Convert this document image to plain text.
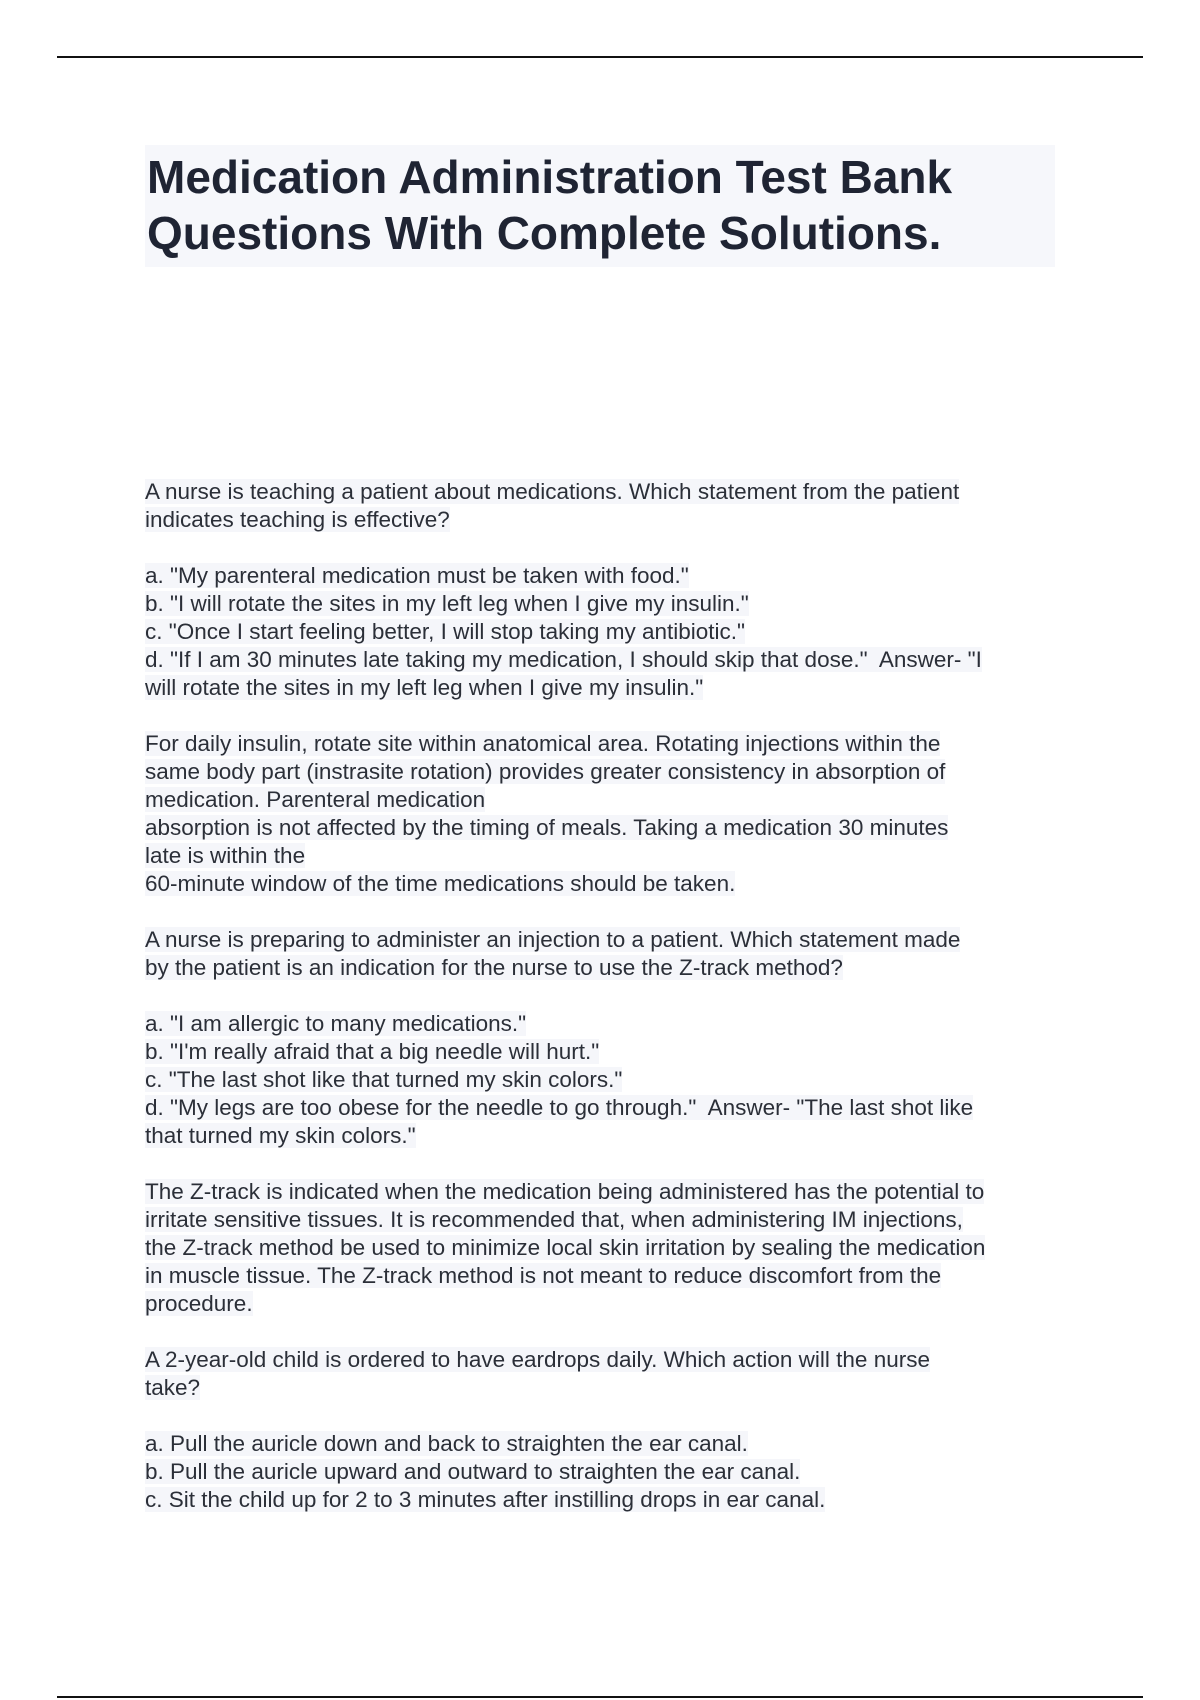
Medication Administration Test Bank
Questions With Complete Solutions.
A nurse is teaching a patient about medications. Which statement from the patient
indicates teaching is effective?
a. "My parenteral medication must be taken with food."
b. "I will rotate the sites in my left leg when I give my insulin."
c. "Once I start feeling better, I will stop taking my antibiotic."
d. "If I am 30 minutes late taking my medication, I should skip that dose."  Answer- "I
will rotate the sites in my left leg when I give my insulin."
For daily insulin, rotate site within anatomical area. Rotating injections within the
same body part (instrasite rotation) provides greater consistency in absorption of
medication. Parenteral medication
absorption is not affected by the timing of meals. Taking a medication 30 minutes
late is within the
60-minute window of the time medications should be taken.
A nurse is preparing to administer an injection to a patient. Which statement made
by the patient is an indication for the nurse to use the Z-track method?
a. "I am allergic to many medications."
b. "I'm really afraid that a big needle will hurt."
c. "The last shot like that turned my skin colors."
d. "My legs are too obese for the needle to go through."  Answer- "The last shot like
that turned my skin colors."
The Z-track is indicated when the medication being administered has the potential to
irritate sensitive tissues. It is recommended that, when administering IM injections,
the Z-track method be used to minimize local skin irritation by sealing the medication
in muscle tissue. The Z-track method is not meant to reduce discomfort from the
procedure.
A 2-year-old child is ordered to have eardrops daily. Which action will the nurse
take?
a. Pull the auricle down and back to straighten the ear canal.
b. Pull the auricle upward and outward to straighten the ear canal.
c. Sit the child up for 2 to 3 minutes after instilling drops in ear canal.
